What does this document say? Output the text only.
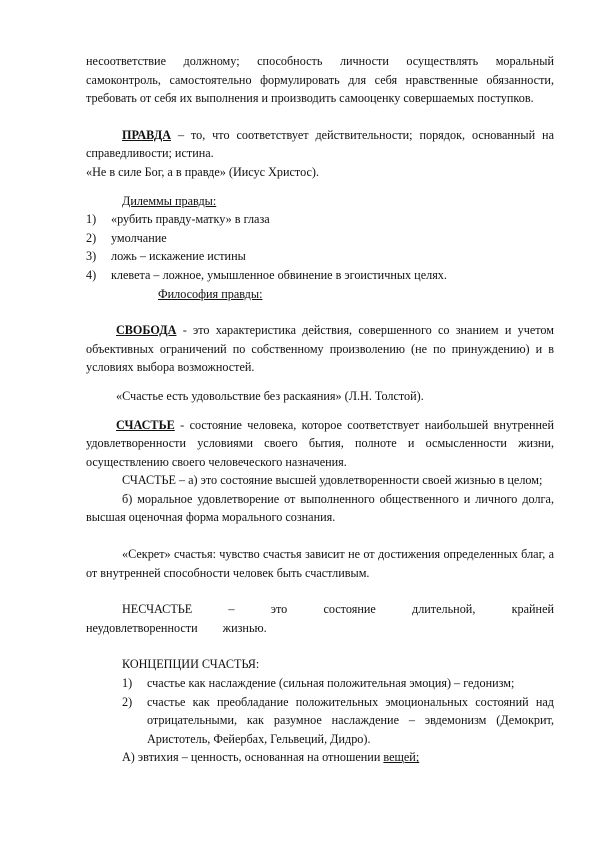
несоответствие должному; способность личности осуществлять моральный самоконтроль, самостоятельно формулировать для себя нравственные обязанности, требовать от себя их выполнения и производить самооценку совершаемых поступков.

ПРАВДА – то, что соответствует действительности; порядок, основанный на справедливости; истина.

«Не в силе Бог, а в правде» (Иисус Христос).

Дилеммы правды:

1) «рубить правду-матку» в глаза
2) умолчание
3) ложь – искажение истины
4) клевета – ложное, умышленное обвинение в эгоистичных целях.

Философия правды:

СВОБОДА - это характеристика действия, совершенного со знанием и учетом объективных ограничений по собственному произволению (не по принуждению) и в условиях выбора возможностей.

«Счастье есть удовольствие без раскаяния» (Л.Н. Толстой).

СЧАСТЬЕ - состояние человека, которое соответствует наибольшей внутренней удовлетворенности условиями своего бытия, полноте и осмысленности жизни, осуществлению своего человеческого назначения.

СЧАСТЬЕ – а) это состояние высшей удовлетворенности своей жизнью в целом;

б) моральное удовлетворение от выполненного общественного и личного долга, высшая оценочная форма морального сознания.

«Секрет» счастья: чувство счастья зависит не от достижения определенных благ, а от внутренней способности человек быть счастливым.

НЕСЧАСТЬЕ – это состояние длительной, крайней неудовлетворенности жизнью.

КОНЦЕПЦИИ СЧАСТЬЯ:

1) счастье как наслаждение (сильная положительная эмоция) – гедонизм;
2) счастье как преобладание положительных эмоциональных состояний над отрицательными, как разумное наслаждение – эвдемонизм (Демокрит, Аристотель, Фейербах, Гельвеций, Дидро).

А) эвтихия – ценность, основанная на отношении вещей;
